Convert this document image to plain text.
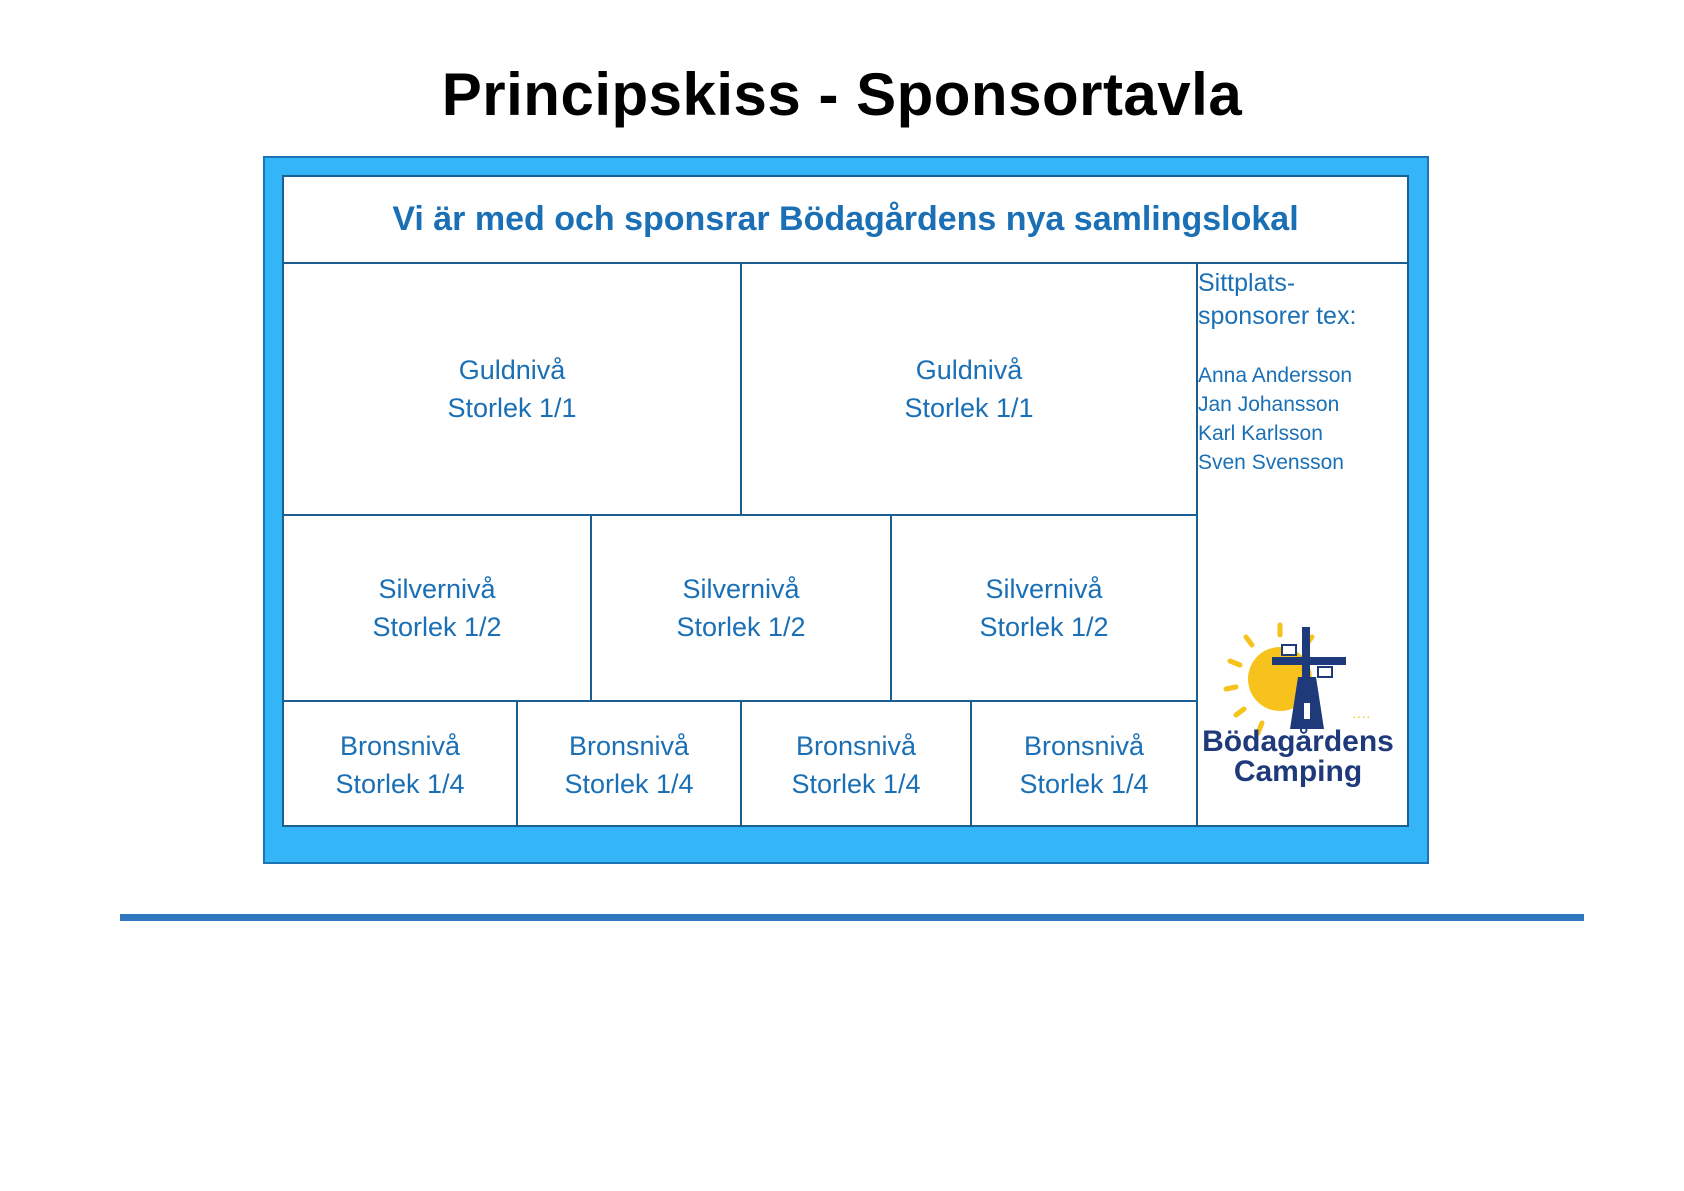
Principskiss - Sponsortavla
Vi är med och sponsrar Bödagårdens nya samlingslokal
Guldnivå
Storlek 1/1
Guldnivå
Storlek 1/1
Silvernivå
Storlek 1/2
Silvernivå
Storlek 1/2
Silvernivå
Storlek 1/2
Bronsnivå
Storlek 1/4
Bronsnivå
Storlek 1/4
Bronsnivå
Storlek 1/4
Bronsnivå
Storlek 1/4
Sittplats-
sponsorer tex:
Anna Andersson
Jan Johansson
Karl Karlsson
Sven Svensson
····
Bödagårdens
Camping
